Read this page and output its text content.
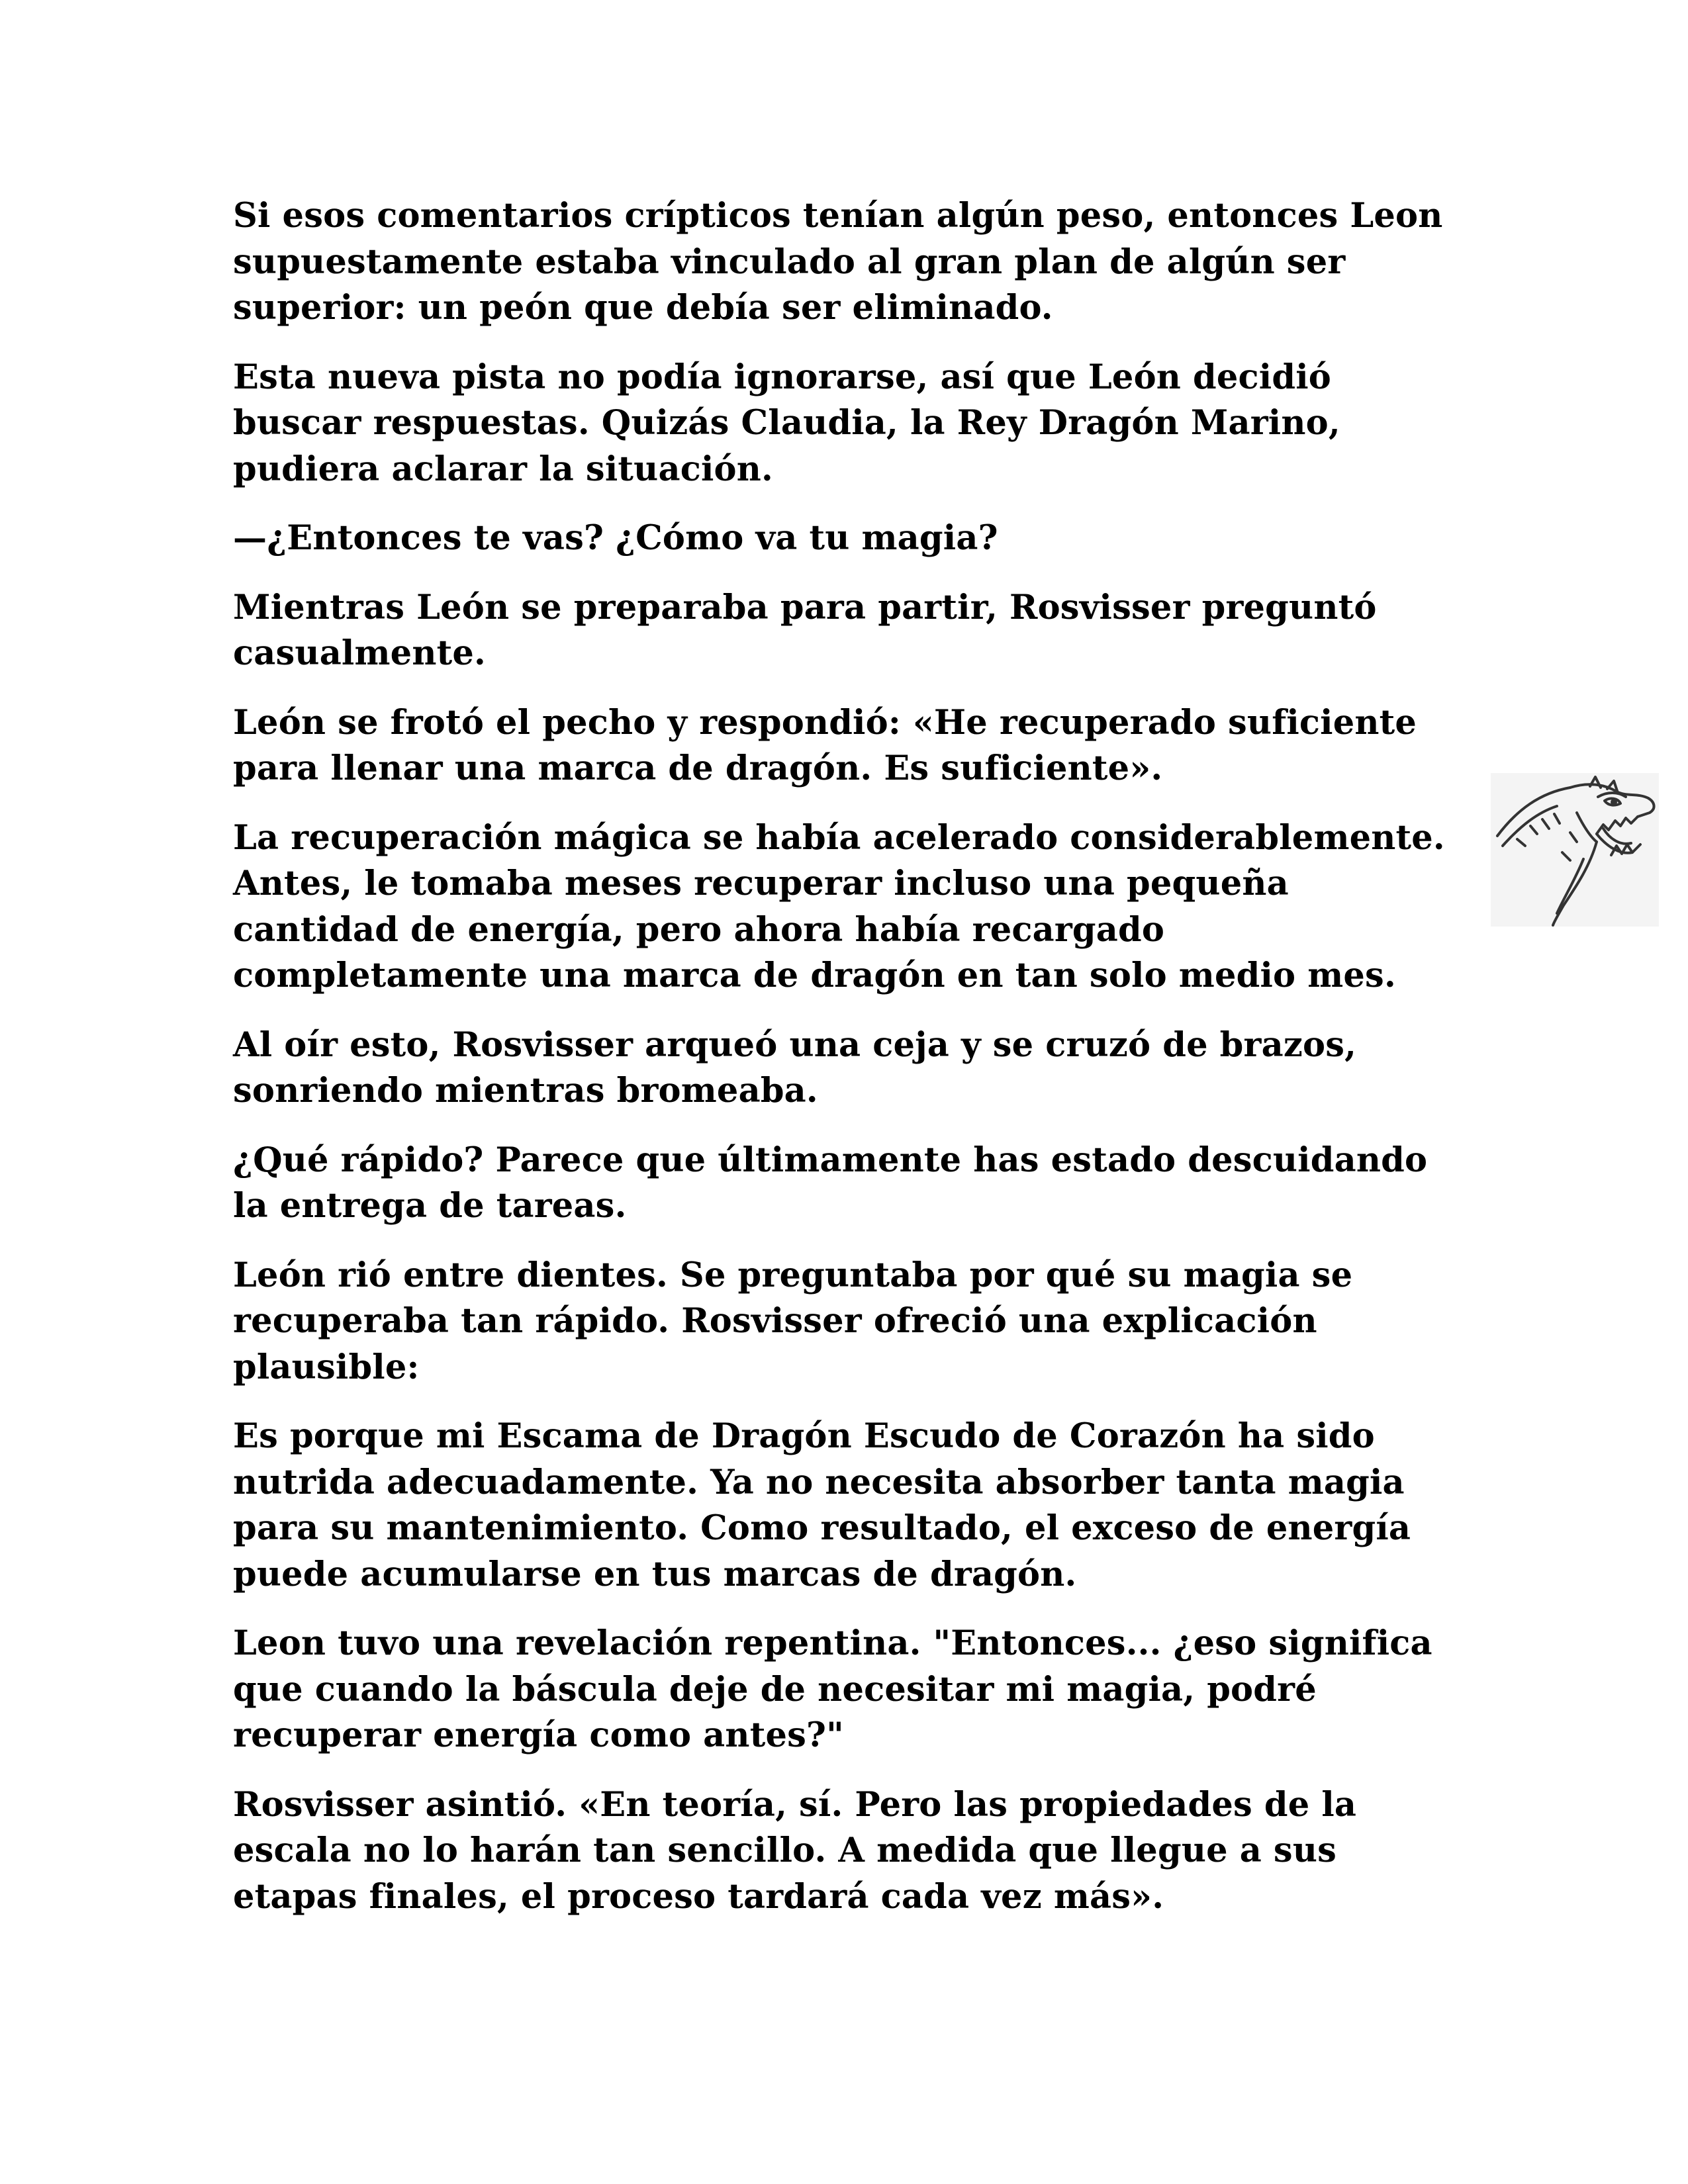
Si esos comentarios crípticos tenían algún peso, entonces Leon
supuestamente estaba vinculado al gran plan de algún ser
superior: un peón que debía ser eliminado.

Esta nueva pista no podía ignorarse, así que León decidió
buscar respuestas. Quizás Claudia, la Rey Dragón Marino,
pudiera aclarar la situación.

—¿Entonces te vas? ¿Cómo va tu magia?

Mientras León se preparaba para partir, Rosvisser preguntó
casualmente.

León se frotó el pecho y respondió: «He recuperado suficiente
para llenar una marca de dragón. Es suficiente».

La recuperación mágica se había acelerado considerablemente.
Antes, le tomaba meses recuperar incluso una pequeña
cantidad de energía, pero ahora había recargado
completamente una marca de dragón en tan solo medio mes.

Al oír esto, Rosvisser arqueó una ceja y se cruzó de brazos,
sonriendo mientras bromeaba.

¿Qué rápido? Parece que últimamente has estado descuidando
la entrega de tareas.

León rió entre dientes. Se preguntaba por qué su magia se
recuperaba tan rápido. Rosvisser ofreció una explicación
plausible:

Es porque mi Escama de Dragón Escudo de Corazón ha sido
nutrida adecuadamente. Ya no necesita absorber tanta magia
para su mantenimiento. Como resultado, el exceso de energía
puede acumularse en tus marcas de dragón.

Leon tuvo una revelación repentina. "Entonces... ¿eso significa
que cuando la báscula deje de necesitar mi magia, podré
recuperar energía como antes?"

Rosvisser asintió. «En teoría, sí. Pero las propiedades de la
escala no lo harán tan sencillo. A medida que llegue a sus
etapas finales, el proceso tardará cada vez más».
